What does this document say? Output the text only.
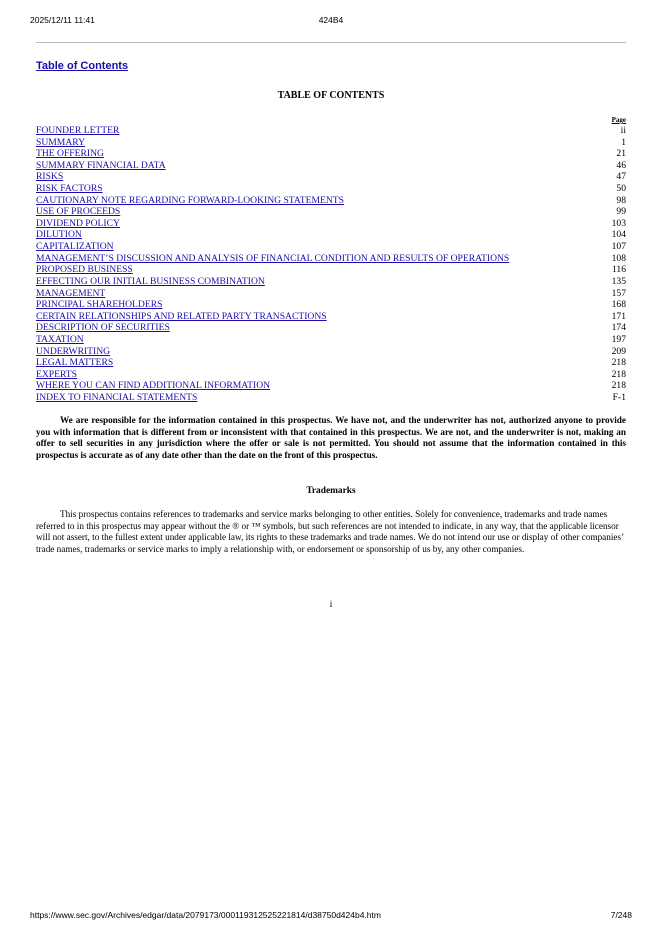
2025/12/11 11:41	424B4
Table of Contents
TABLE OF CONTENTS
Page
FOUNDER LETTER	ii
SUMMARY	1
THE OFFERING	21
SUMMARY FINANCIAL DATA	46
RISKS	47
RISK FACTORS	50
CAUTIONARY NOTE REGARDING FORWARD-LOOKING STATEMENTS	98
USE OF PROCEEDS	99
DIVIDEND POLICY	103
DILUTION	104
CAPITALIZATION	107
MANAGEMENT’S DISCUSSION AND ANALYSIS OF FINANCIAL CONDITION AND RESULTS OF OPERATIONS	108
PROPOSED BUSINESS	116
EFFECTING OUR INITIAL BUSINESS COMBINATION	135
MANAGEMENT	157
PRINCIPAL SHAREHOLDERS	168
CERTAIN RELATIONSHIPS AND RELATED PARTY TRANSACTIONS	171
DESCRIPTION OF SECURITIES	174
TAXATION	197
UNDERWRITING	209
LEGAL MATTERS	218
EXPERTS	218
WHERE YOU CAN FIND ADDITIONAL INFORMATION	218
INDEX TO FINANCIAL STATEMENTS	F-1
We are responsible for the information contained in this prospectus. We have not, and the underwriter has not, authorized anyone to provide you with information that is different from or inconsistent with that contained in this prospectus. We are not, and the underwriter is not, making an offer to sell securities in any jurisdiction where the offer or sale is not permitted. You should not assume that the information contained in this prospectus is accurate as of any date other than the date on the front of this prospectus.
Trademarks
This prospectus contains references to trademarks and service marks belonging to other entities. Solely for convenience, trademarks and trade names referred to in this prospectus may appear without the ® or ™ symbols, but such references are not intended to indicate, in any way, that the applicable licensor will not assert, to the fullest extent under applicable law, its rights to these trademarks and trade names. We do not intend our use or display of other companies’ trade names, trademarks or service marks to imply a relationship with, or endorsement or sponsorship of us by, any other companies.
i
https://www.sec.gov/Archives/edgar/data/2079173/000119312525221814/d38750d424b4.htm	7/248
